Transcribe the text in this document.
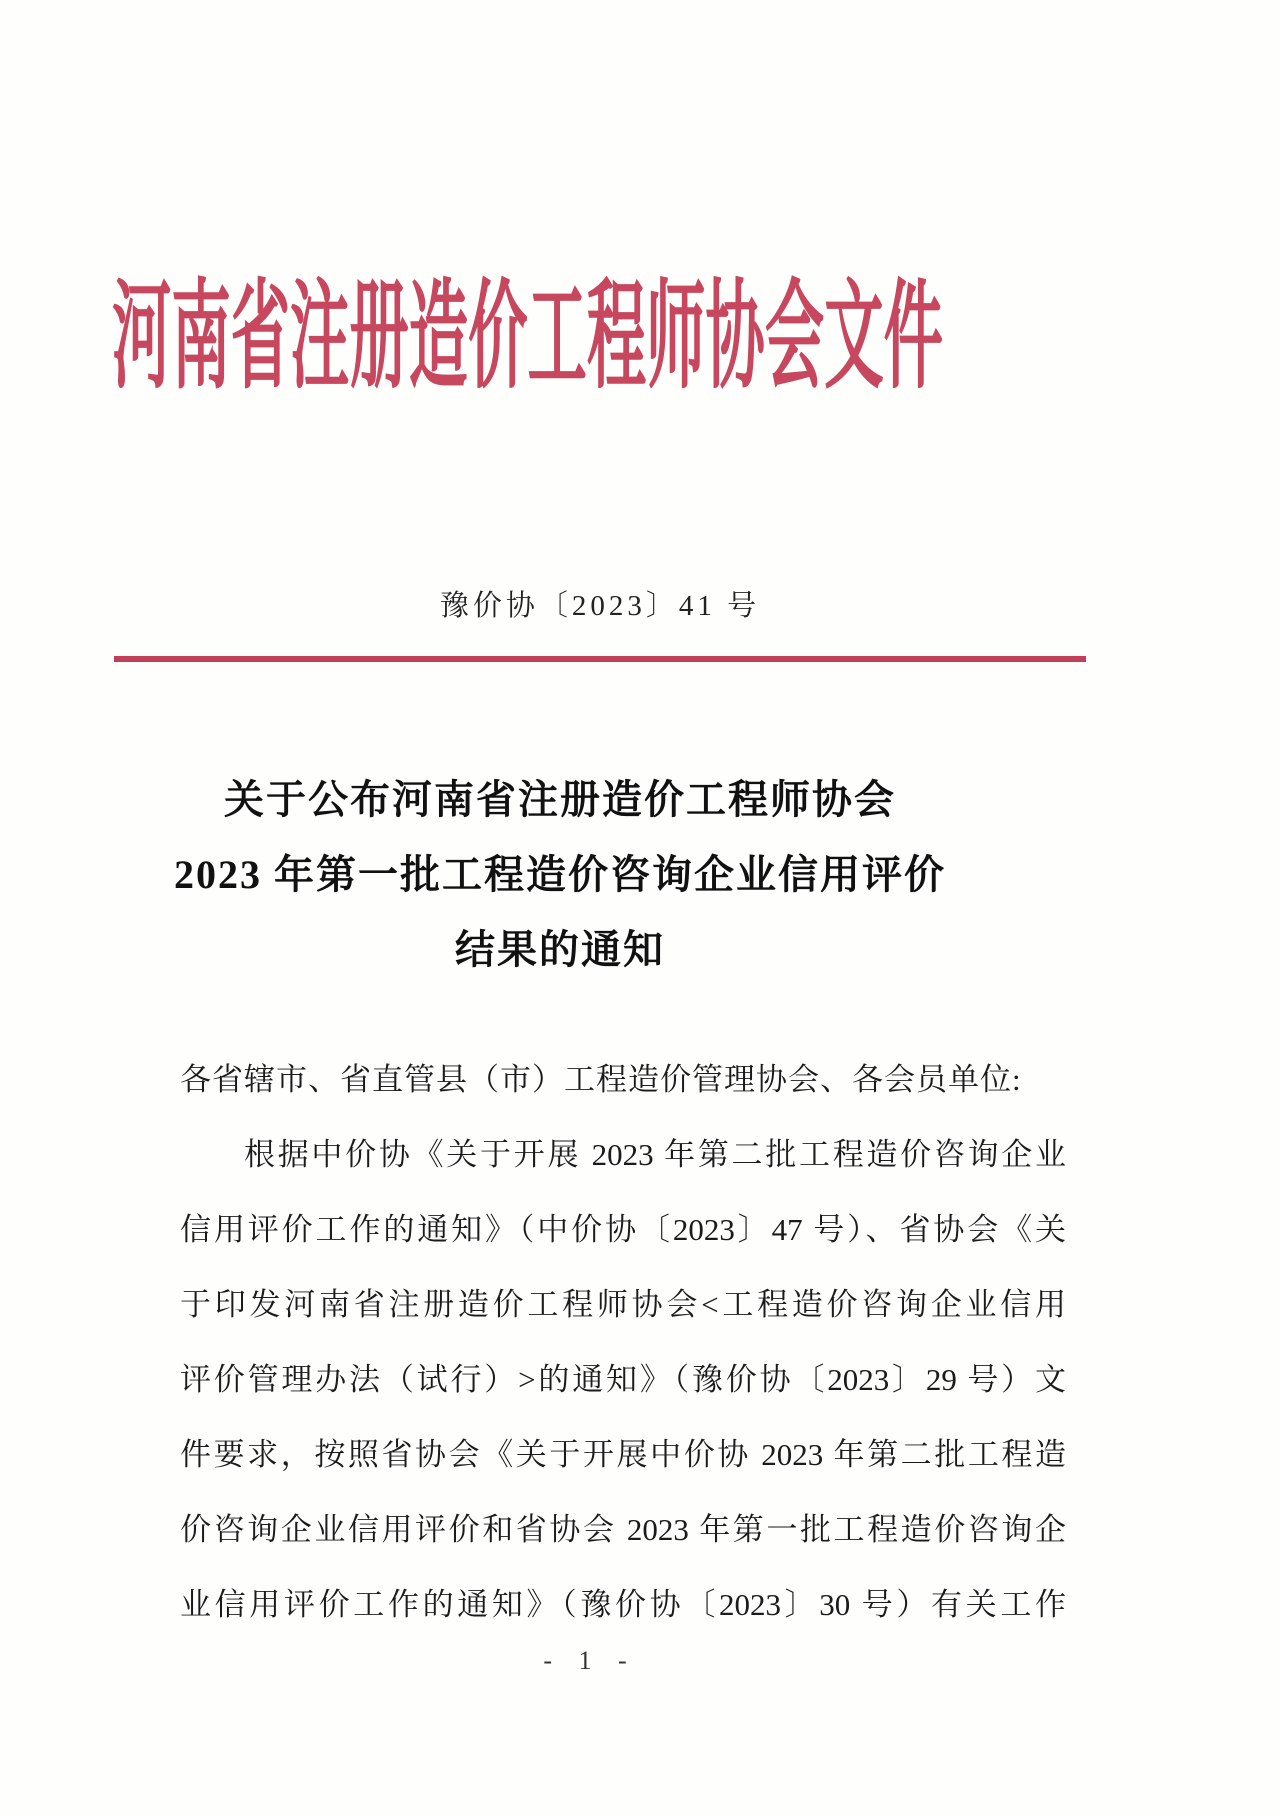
河南省注册造价工程师协会文件
豫价协〔2023〕41 号
关于公布河南省注册造价工程师协会
2023 年第一批工程造价咨询企业信用评价
结果的通知
各省辖市、省直管县（市）工程造价管理协会、各会员单位:
根据中价协《关于开展 2023 年第二批工程造价咨询企业
信用评价工作的通知》（中价协〔2023〕47 号）、省协会《关
于印发河南省注册造价工程师协会<工程造价咨询企业信用
评价管理办法（试行）>的通知》（豫价协〔2023〕29 号）文
件要求，按照省协会《关于开展中价协 2023 年第二批工程造
价咨询企业信用评价和省协会 2023 年第一批工程造价咨询企
业信用评价工作的通知》（豫价协〔2023〕30 号）有关工作
- 1 -
